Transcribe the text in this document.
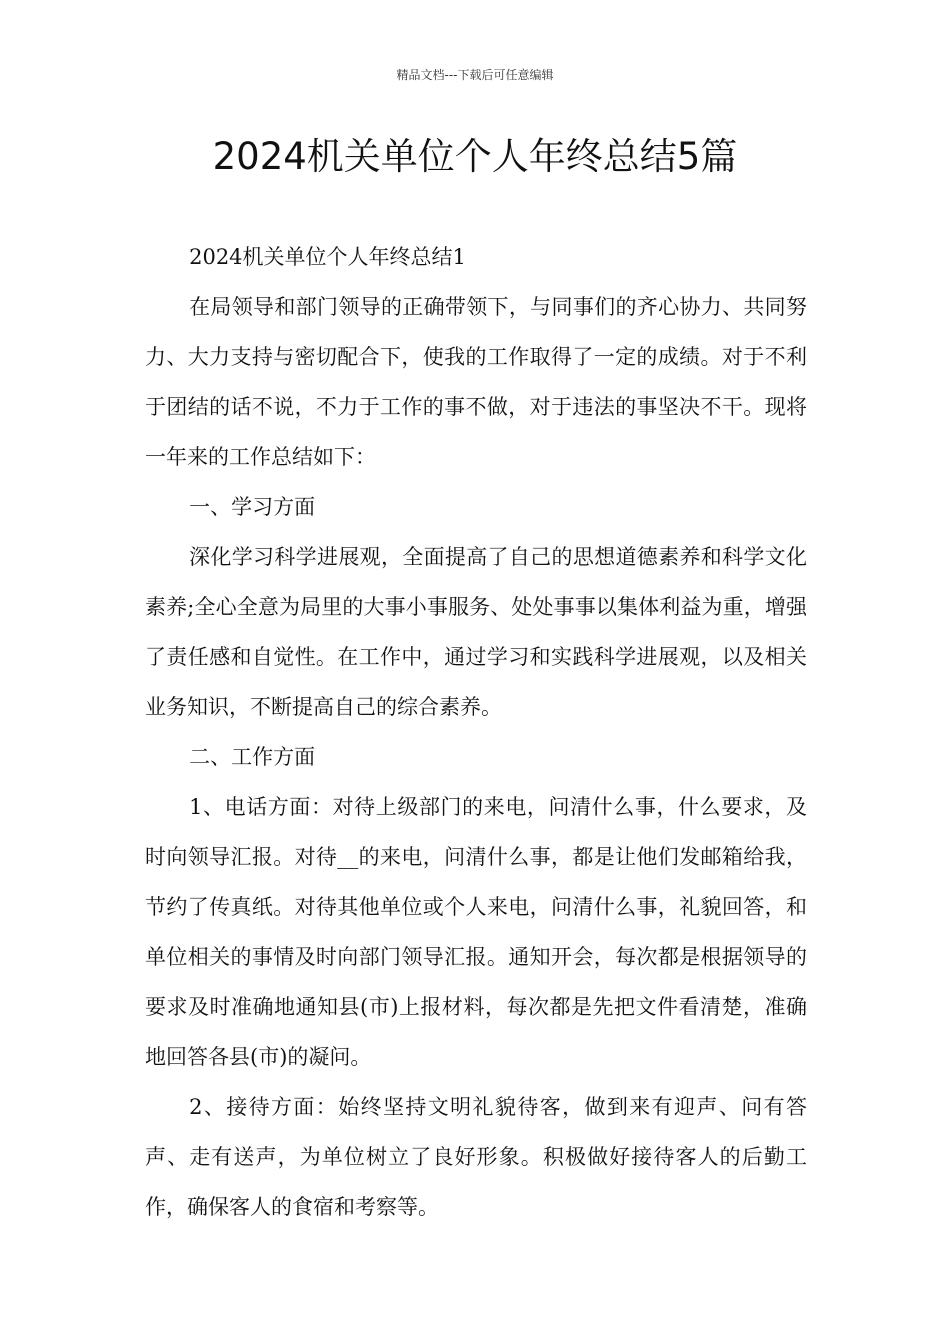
精品文档---下载后可任意编辑
2024机关单位个人年终总结5篇

2024机关单位个人年终总结1

在局领导和部门领导的正确带领下，与同事们的齐心协力、共同努力、大力支持与密切配合下，使我的工作取得了一定的成绩。对于不利于团结的话不说，不力于工作的事不做，对于违法的事坚决不干。现将一年来的工作总结如下：

一、学习方面

深化学习科学进展观，全面提高了自己的思想道德素养和科学文化素养;全心全意为局里的大事小事服务、处处事事以集体利益为重，增强了责任感和自觉性。在工作中，通过学习和实践科学进展观，以及相关业务知识，不断提高自己的综合素养。

二、工作方面

1、电话方面：对待上级部门的来电，问清什么事，什么要求，及时向领导汇报。对待__的来电，问清什么事，都是让他们发邮箱给我，节约了传真纸。对待其他单位或个人来电，问清什么事，礼貌回答，和单位相关的事情及时向部门领导汇报。通知开会，每次都是根据领导的要求及时准确地通知县(市)上报材料，每次都是先把文件看清楚，准确地回答各县(市)的凝问。

2、接待方面：始终坚持文明礼貌待客，做到来有迎声、问有答声、走有送声，为单位树立了良好形象。积极做好接待客人的后勤工作，确保客人的食宿和考察等。
